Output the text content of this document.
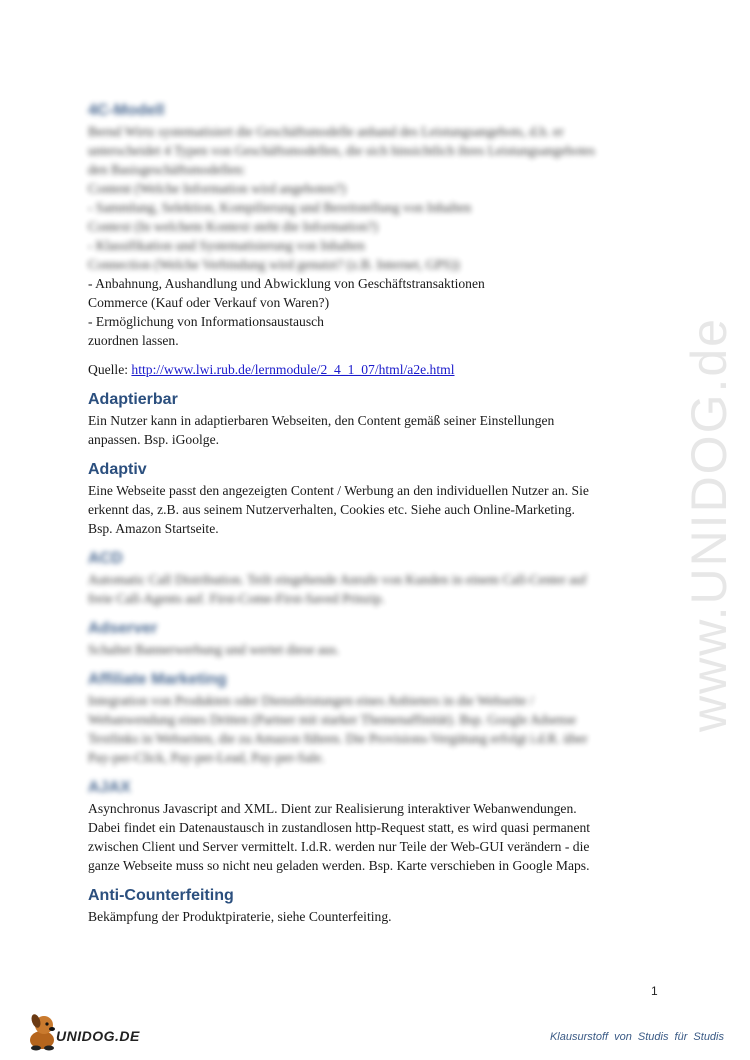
www.UNIDOG.de
4C-Modell

Bernd Wirtz systematisiert die Geschäftsmodelle anhand des Leistungsangebots, d.h. er

unterscheidet 4 Typen von Geschäftsmodellen, die sich hinsichtlich ihres Leistungsangebotes

den Basisgeschäftsmodellen:

Content (Welche Information wird angeboten?)

- Sammlung, Selektion, Kompilierung und Bereitstellung von Inhalten

Context (In welchem Kontext steht die Information?)

- Klassifikation und Systematisierung von Inhalten

Connection (Welche Verbindung wird genutzt? (z.B. Internet, GPS))

- Anbahnung, Aushandlung und Abwicklung von Geschäftstransaktionen

Commerce (Kauf oder Verkauf von Waren?)

- Ermöglichung von Informationsaustausch

zuordnen lassen.

Quelle: http://www.lwi.rub.de/lernmodule/2_4_1_07/html/a2e.html
Adaptierbar

Ein Nutzer kann in adaptierbaren Webseiten, den Content gemäß seiner Einstellungen

anpassen. Bsp. iGoolge.

Adaptiv

Eine Webseite passt den angezeigten Content / Werbung an den individuellen Nutzer an. Sie

erkennt das, z.B. aus seinem Nutzerverhalten, Cookies etc. Siehe auch Online-Marketing.

Bsp. Amazon Startseite.

ACD

Automatic Call Distribution. Teilt eingehende Anrufe von Kunden in einem Call-Center auf

freie Call-Agents auf. First-Come-First-Saved Prinzip.

Adserver

Schaltet Bannerwerbung und wertet diese aus.

Affiliate Marketing

Integration von Produkten oder Dienstleistungen eines Anbieters in die Webseite /

Webanwendung eines Dritten (Partner mit starker Themenaffinität). Bsp. Google Adsense

Textlinks in Webseiten, die zu Amazon führen. Die Provisions-Vergütung erfolgt i.d.R. über

Pay-per-Click, Pay-per-Lead, Pay-per-Sale.

AJAX

Asynchronus Javascript and XML. Dient zur Realisierung interaktiver Webanwendungen.

Dabei findet ein Datenaustausch in zustandlosen http-Request statt, es wird quasi permanent

zwischen Client und Server vermittelt. I.d.R. werden nur Teile der Web-GUI verändern - die

ganze Webseite muss so nicht neu geladen werden. Bsp. Karte verschieben in Google Maps.

Anti-Counterfeiting

Bekämpfung der Produktpiraterie, siehe Counterfeiting.

1
UNIDOG.DE	Klausurstoff von Studis für Studis
